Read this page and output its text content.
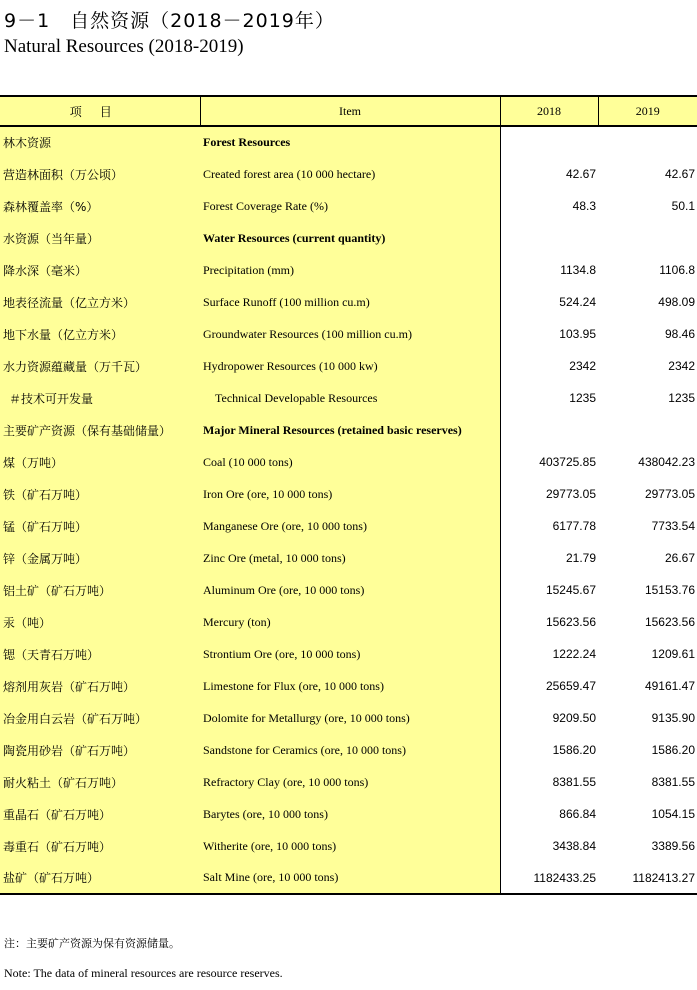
9－1　自然资源（2018－2019年）
Natural Resources (2018-2019)
项目	Item	2018	2019
林木资源	Forest Resources		
营造林面积（万公顷）	Created forest area (10 000 hectare)	42.67	42.67
森林覆盖率（%）	Forest Coverage Rate (%)	48.3	50.1
水资源（当年量）	Water Resources (current quantity)		
降水深（毫米）	Precipitation (mm)	1134.8	1106.8
地表径流量（亿立方米）	Surface Runoff (100 million cu.m)	524.24	498.09
地下水量（亿立方米）	Groundwater Resources (100 million cu.m)	103.95	98.46
水力资源蕴藏量（万千瓦）	Hydropower Resources (10 000 kw)	2342	2342
＃技术可开发量	Technical Developable Resources	1235	1235
主要矿产资源（保有基础储量）	Major Mineral Resources (retained basic reserves)		
煤（万吨）	Coal (10 000 tons)	403725.85	438042.23
铁（矿石万吨）	Iron Ore (ore, 10 000 tons)	29773.05	29773.05
锰（矿石万吨）	Manganese Ore (ore, 10 000 tons)	6177.78	7733.54
锌（金属万吨）	Zinc Ore (metal, 10 000 tons)	21.79	26.67
铝土矿（矿石万吨）	Aluminum Ore (ore, 10 000 tons)	15245.67	15153.76
汞（吨）	Mercury (ton)	15623.56	15623.56
锶（天青石万吨）	Strontium Ore (ore, 10 000 tons)	1222.24	1209.61
熔剂用灰岩（矿石万吨）	Limestone for Flux (ore, 10 000 tons)	25659.47	49161.47
冶金用白云岩（矿石万吨）	Dolomite for Metallurgy (ore, 10 000 tons)	9209.50	9135.90
陶瓷用砂岩（矿石万吨）	Sandstone for Ceramics (ore, 10 000 tons)	1586.20	1586.20
耐火粘土（矿石万吨）	Refractory Clay (ore, 10 000 tons)	8381.55	8381.55
重晶石（矿石万吨）	Barytes (ore, 10 000 tons)	866.84	1054.15
毒重石（矿石万吨）	Witherite (ore, 10 000 tons)	3438.84	3389.56
盐矿（矿石万吨）	Salt Mine (ore, 10 000 tons)	1182433.25	1182413.27
注：主要矿产资源为保有资源储量。
Note: The data of mineral resources are resource reserves.
